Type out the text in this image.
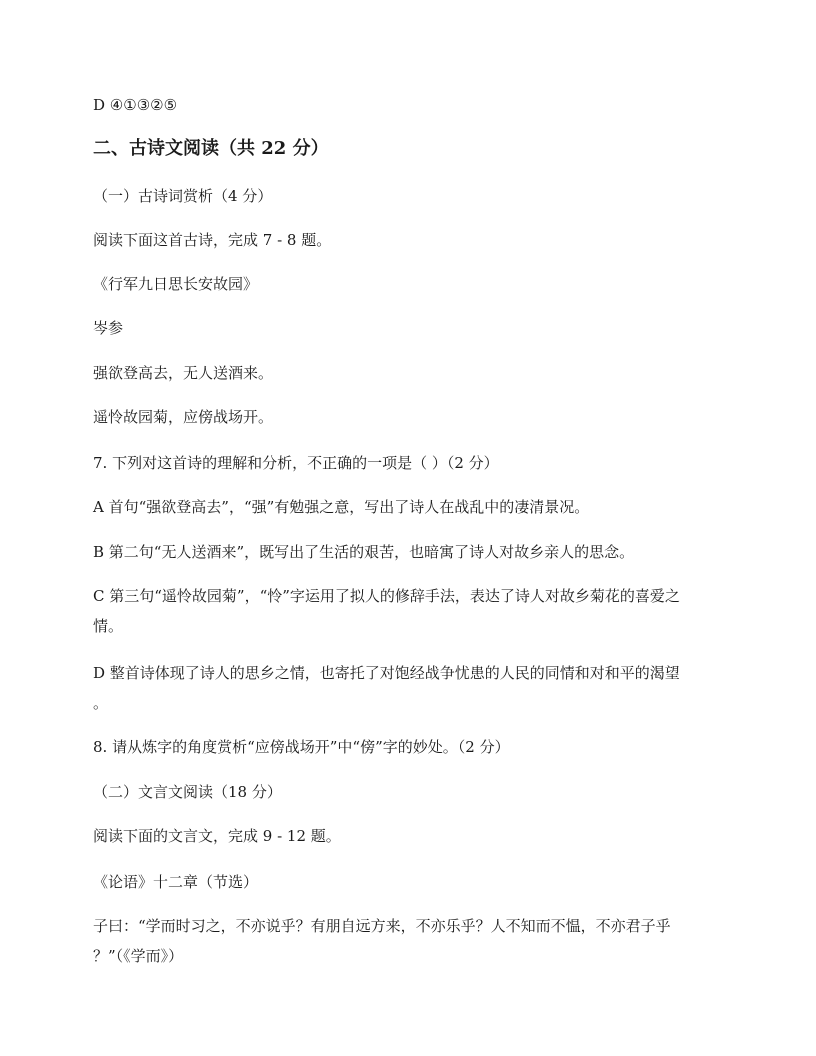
D ④①③②⑤
二、古诗文阅读（共 22 分）
（一）古诗词赏析（4 分）
阅读下面这首古诗，完成 7 - 8 题。
《行军九日思长安故园》
岑参
强欲登高去，无人送酒来。
遥怜故园菊，应傍战场开。
7. 下列对这首诗的理解和分析，不正确的一项是（ ）（2 分）
A 首句“强欲登高去”，“强”有勉强之意，写出了诗人在战乱中的凄清景况。
B 第二句“无人送酒来”，既写出了生活的艰苦，也暗寓了诗人对故乡亲人的思念。
C 第三句“遥怜故园菊”，“怜”字运用了拟人的修辞手法，表达了诗人对故乡菊花的喜爱之
情。
D 整首诗体现了诗人的思乡之情，也寄托了对饱经战争忧患的人民的同情和对和平的渴望
。
8. 请从炼字的角度赏析“应傍战场开”中“傍”字的妙处。（2 分）
（二）文言文阅读（18 分）
阅读下面的文言文，完成 9 - 12 题。
《论语》十二章（节选）
子曰：“学而时习之，不亦说乎？有朋自远方来，不亦乐乎？人不知而不愠，不亦君子乎
？”（《学而》）
